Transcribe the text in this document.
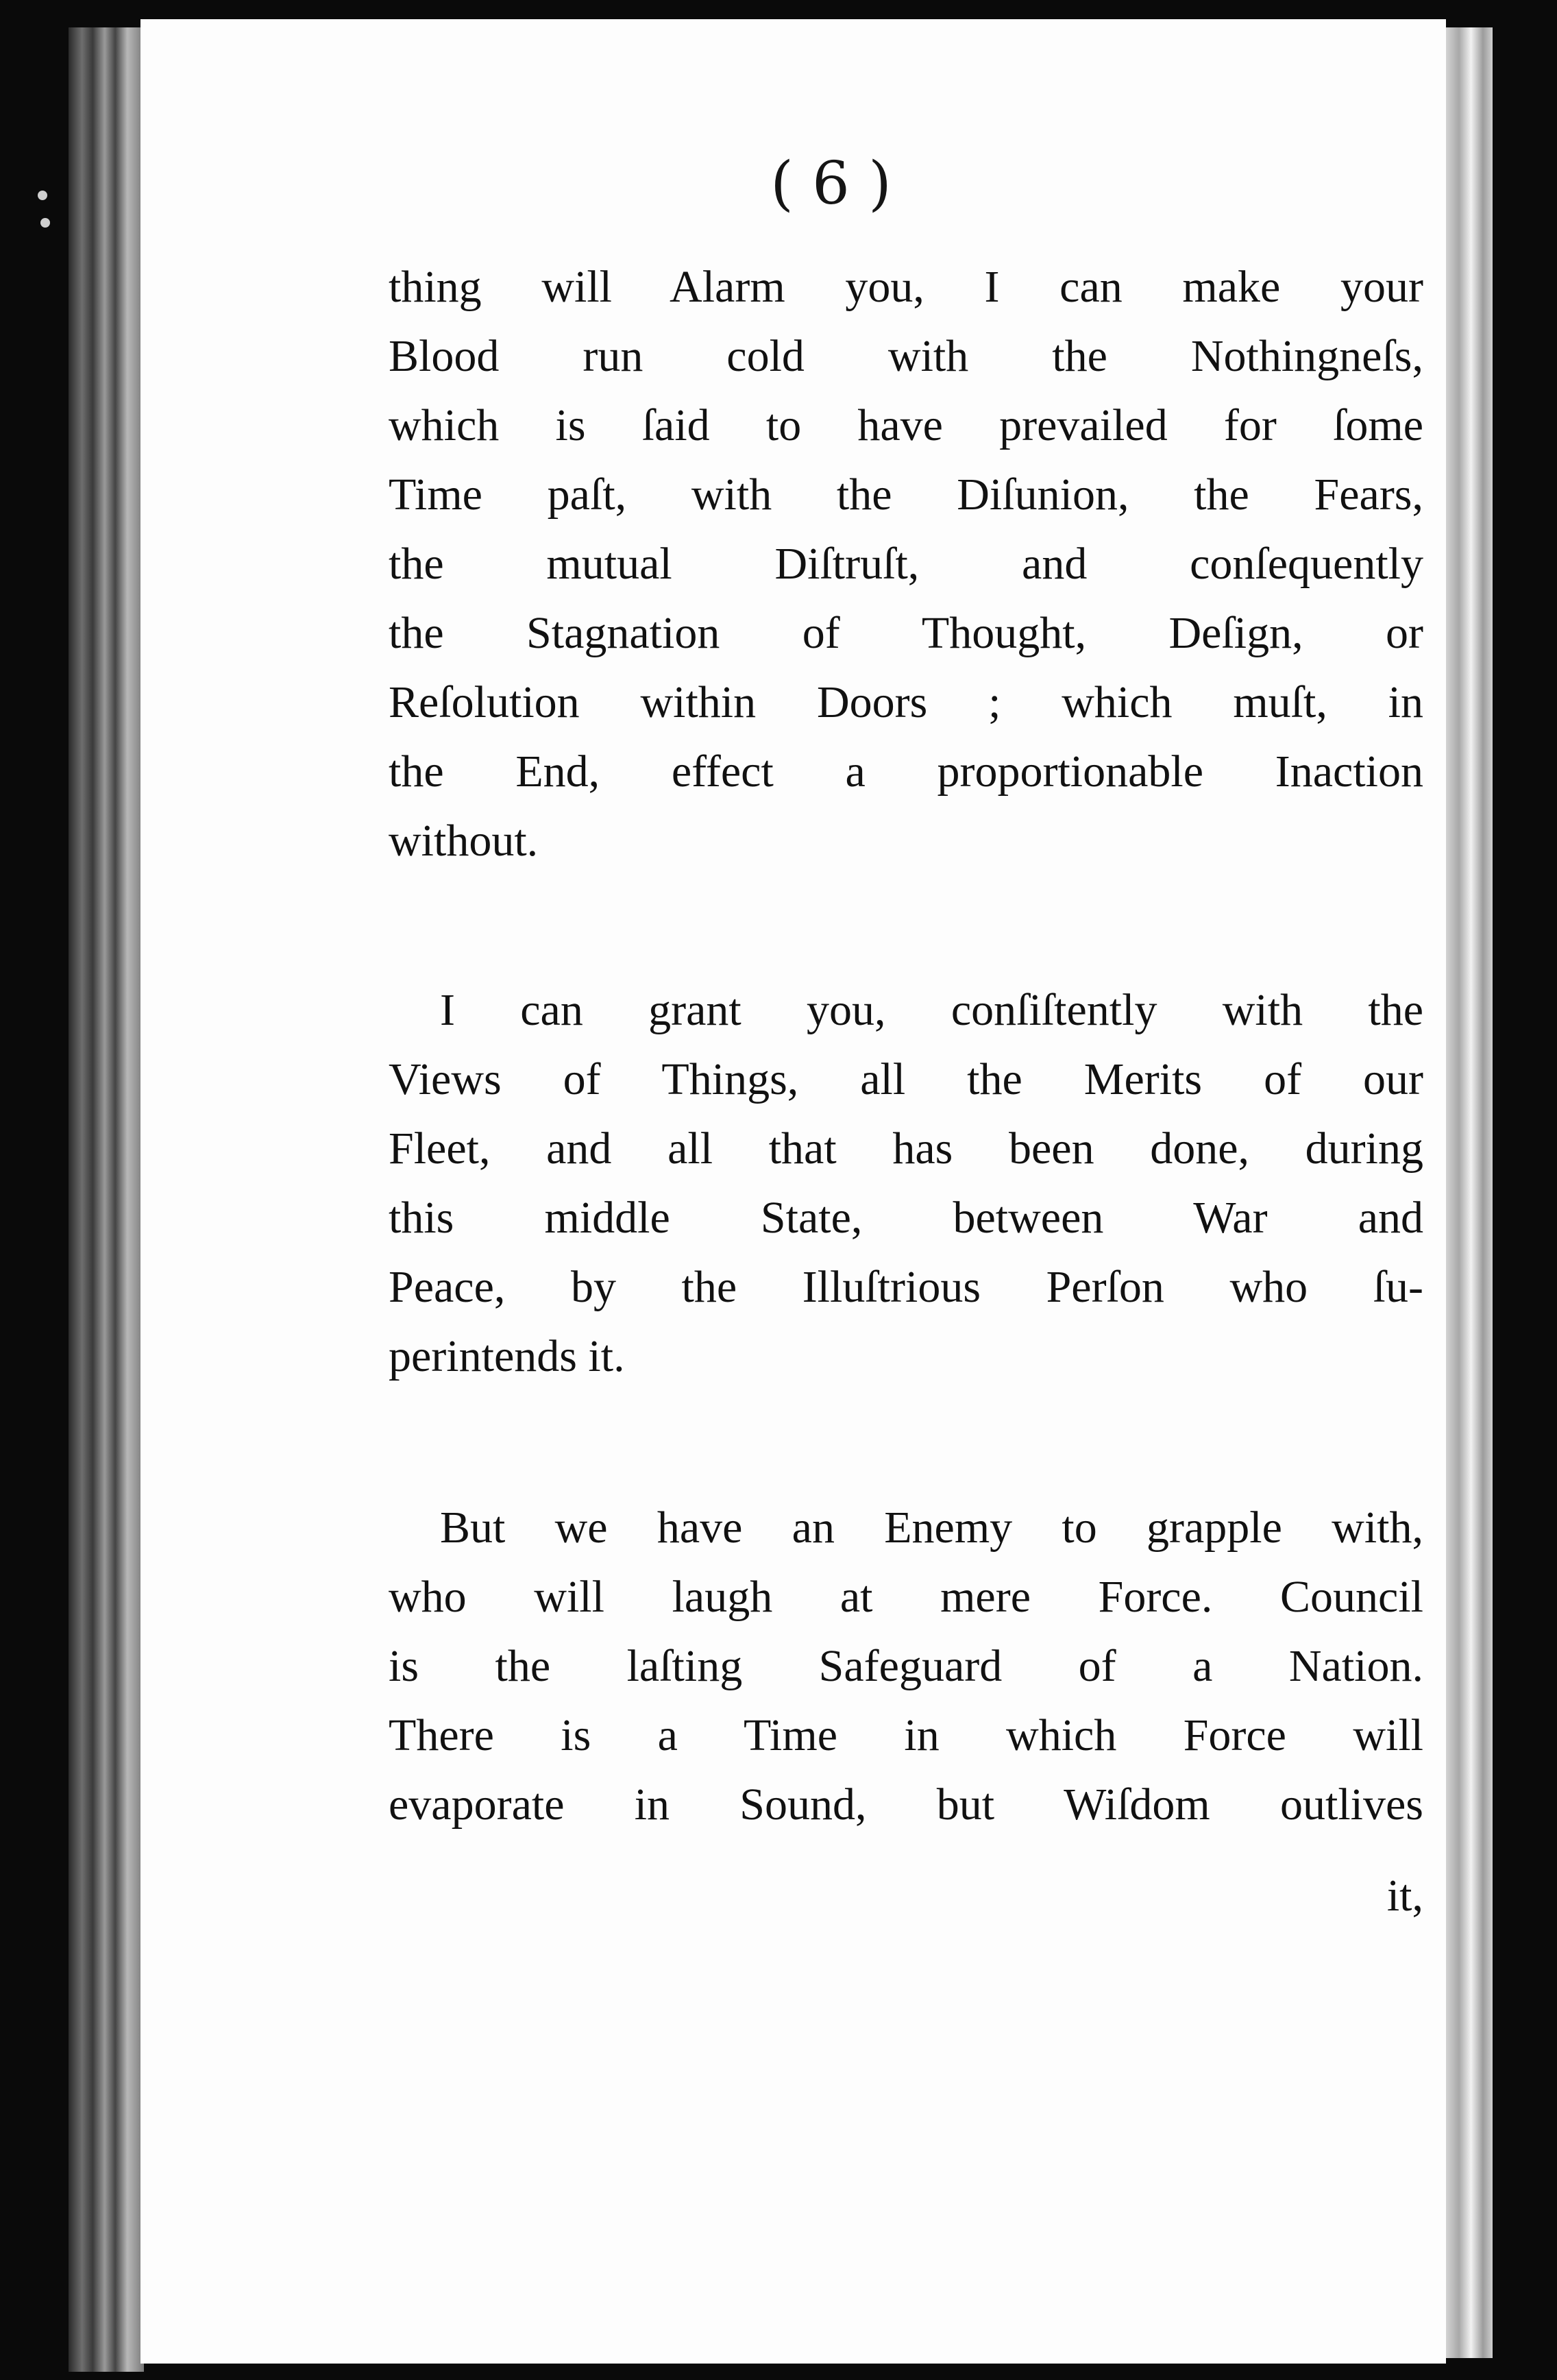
( 6 )

thing will Alarm you, I can make your
Blood run cold with the Nothingneſs,
which is ſaid to have prevailed for ſome
Time paſt, with the Diſunion, the Fears,
the mutual Diſtruſt, and conſequently
the Stagnation of Thought, Deſign, or
Reſolution within Doors ; which muſt, in
the End, effect a proportionable Inaction
without.

I can grant you, conſiſtently with the
Views of Things, all the Merits of our
Fleet, and all that has been done, during
this middle State, between War and
Peace, by the Illuſtrious Perſon who ſu-
perintends it.

But we have an Enemy to grapple with,
who will laugh at mere Force. Council
is the laſting Safeguard of a Nation.
There is a Time in which Force will
evaporate in Sound, but Wiſdom outlives

it,
